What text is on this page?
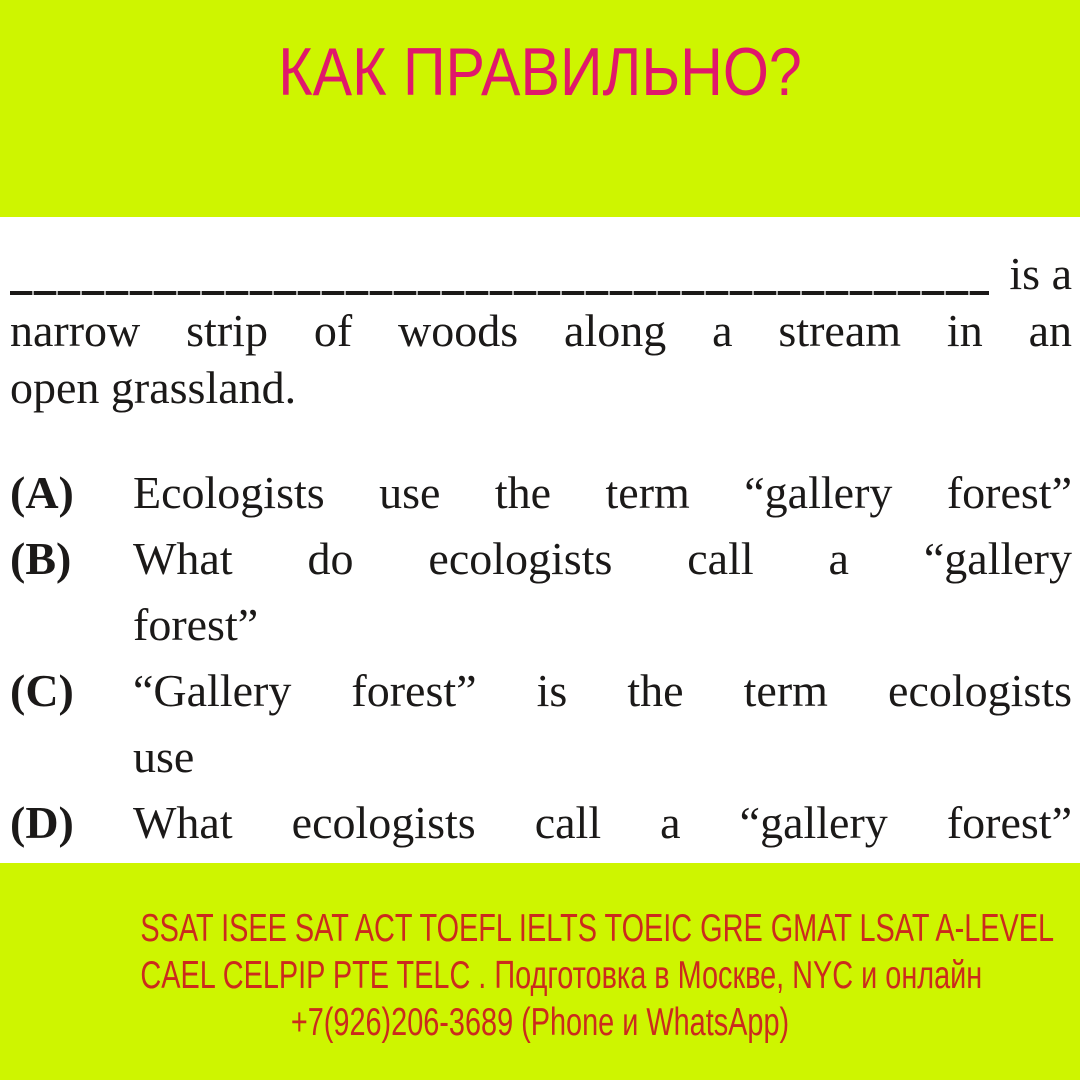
КАК ПРАВИЛЬНО?
is a
narrow strip of woods along a stream in an
open grassland.
(A)	Ecologists use the term “gallery forest”
(B)	What do ecologists call a “gallery
forest”
(C)	“Gallery forest” is the term ecologists
use
(D)	What ecologists call a “gallery forest”
SSAT ISEE SAT ACT TOEFL IELTS TOEIC GRE GMAT LSAT A-LEVEL
CAEL CELPIP PTE TELC . Подготовка в Москве, NYC и онлайн
+7(926)206-3689 (Phone и WhatsApp)
